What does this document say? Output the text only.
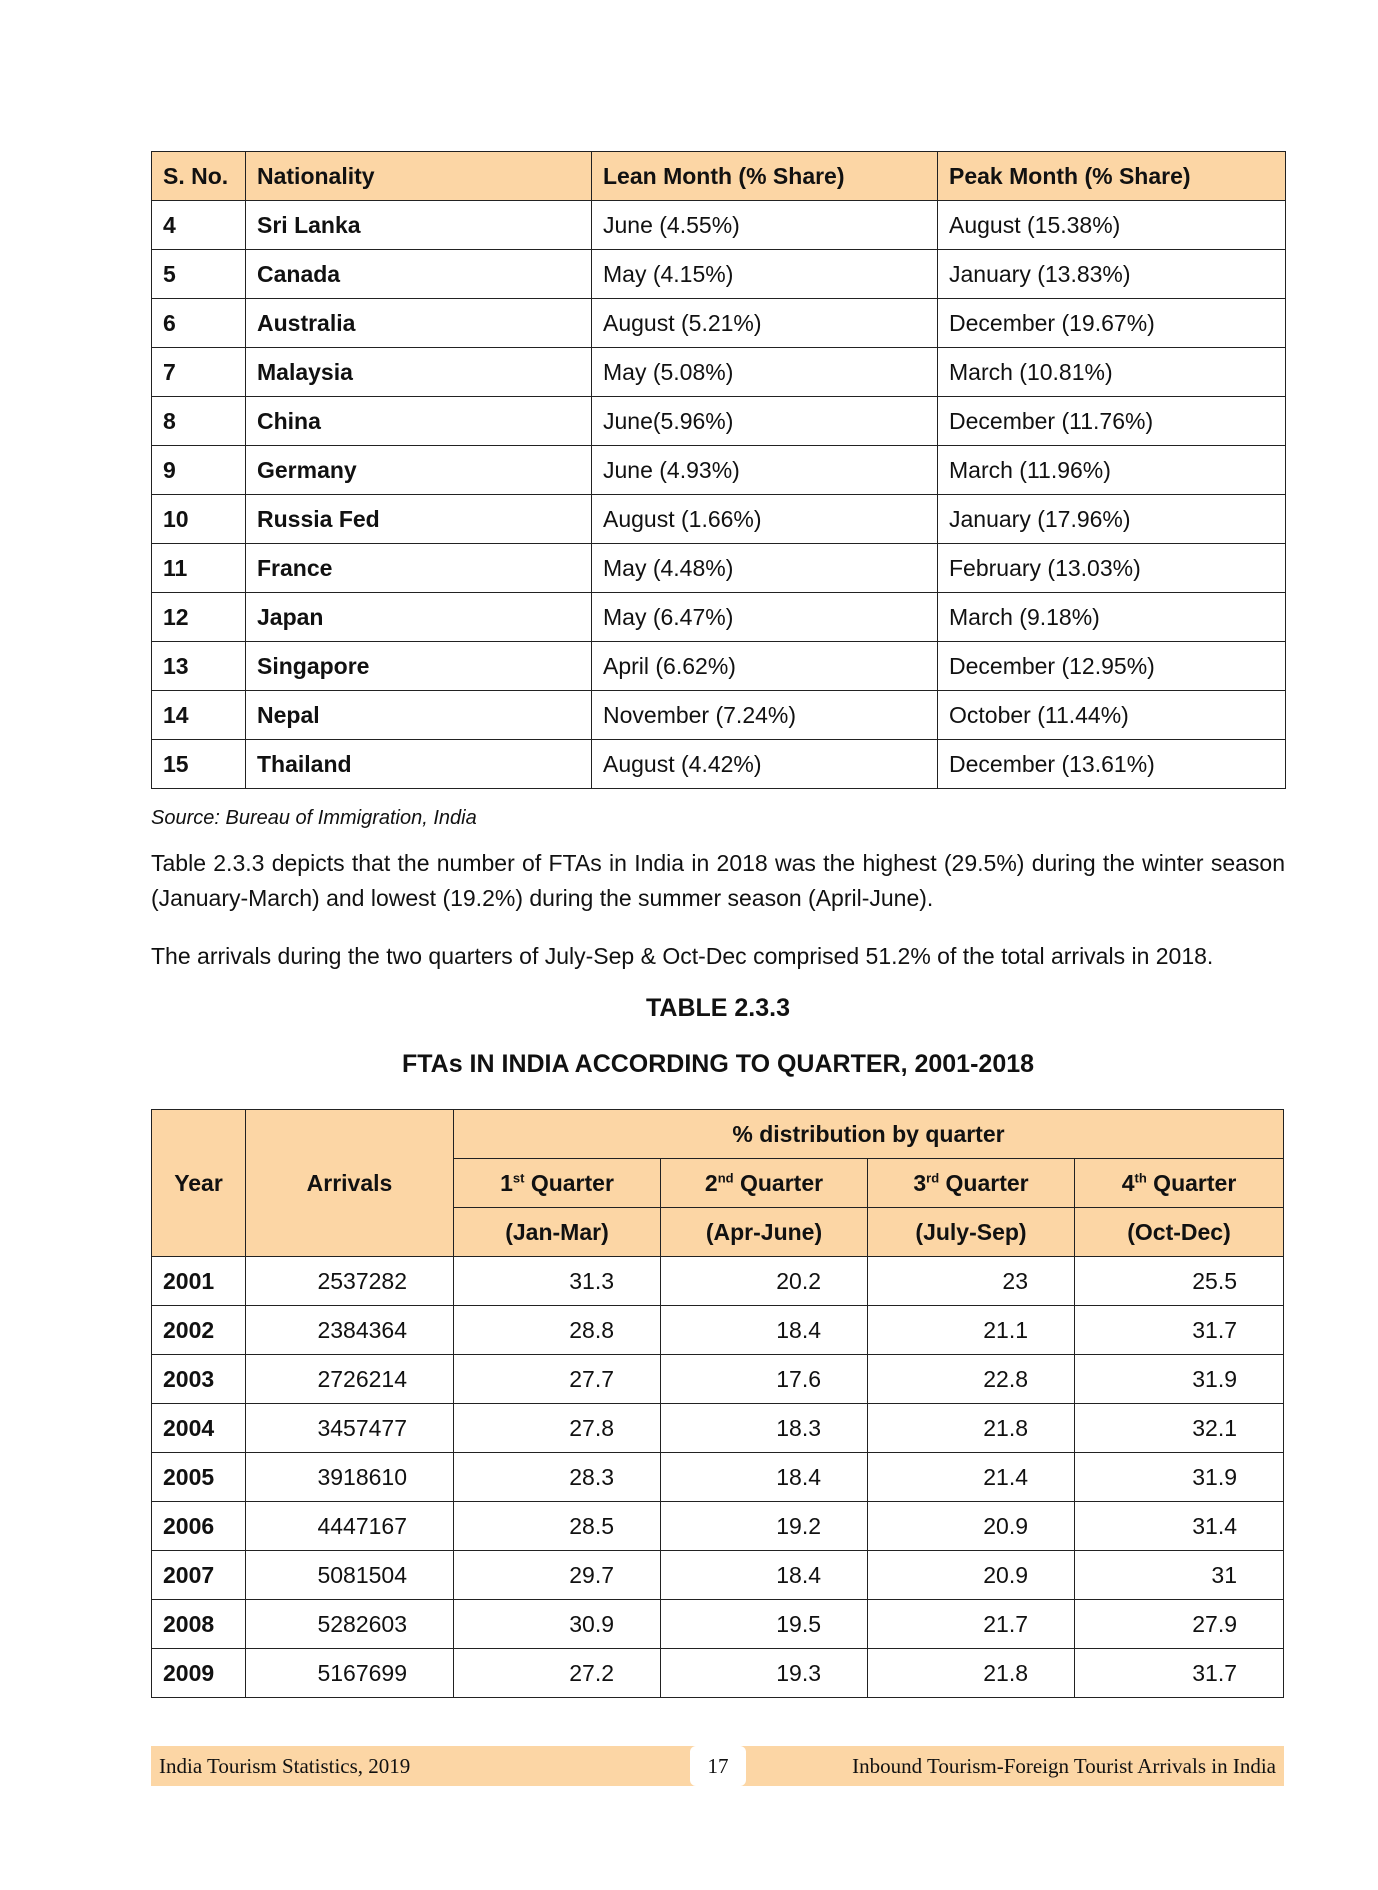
S. No.	Nationality	Lean Month (% Share)	Peak Month (% Share)
4	Sri Lanka	June (4.55%)	August (15.38%)
5	Canada	May (4.15%)	January (13.83%)
6	Australia	August (5.21%)	December (19.67%)
7	Malaysia	May (5.08%)	March (10.81%)
8	China	June(5.96%)	December (11.76%)
9	Germany	June (4.93%)	March (11.96%)
10	Russia Fed	August (1.66%)	January (17.96%)
11	France	May (4.48%)	February (13.03%)
12	Japan	May (6.47%)	March (9.18%)
13	Singapore	April (6.62%)	December (12.95%)
14	Nepal	November (7.24%)	October (11.44%)
15	Thailand	August (4.42%)	December (13.61%)
Source: Bureau of Immigration, India
Table 2.3.3 depicts that the number of FTAs in India in 2018 was the highest (29.5%) during the winter season (January-March) and lowest (19.2%) during the summer season (April-June).
The arrivals during the two quarters of July-Sep & Oct-Dec comprised 51.2% of the total arrivals in 2018.
TABLE 2.3.3
FTAs IN INDIA ACCORDING TO QUARTER, 2001-2018
Year	Arrivals	% distribution by quarter			
		1st Quarter	2nd Quarter	3rd Quarter	4th Quarter
		(Jan-Mar)	(Apr-June)	(July-Sep)	(Oct-Dec)
2001	2537282	31.3	20.2	23	25.5
2002	2384364	28.8	18.4	21.1	31.7
2003	2726214	27.7	17.6	22.8	31.9
2004	3457477	27.8	18.3	21.8	32.1
2005	3918610	28.3	18.4	21.4	31.9
2006	4447167	28.5	19.2	20.9	31.4
2007	5081504	29.7	18.4	20.9	31
2008	5282603	30.9	19.5	21.7	27.9
2009	5167699	27.2	19.3	21.8	31.7
India Tourism Statistics, 2019	17	Inbound Tourism-Foreign Tourist Arrivals in India
